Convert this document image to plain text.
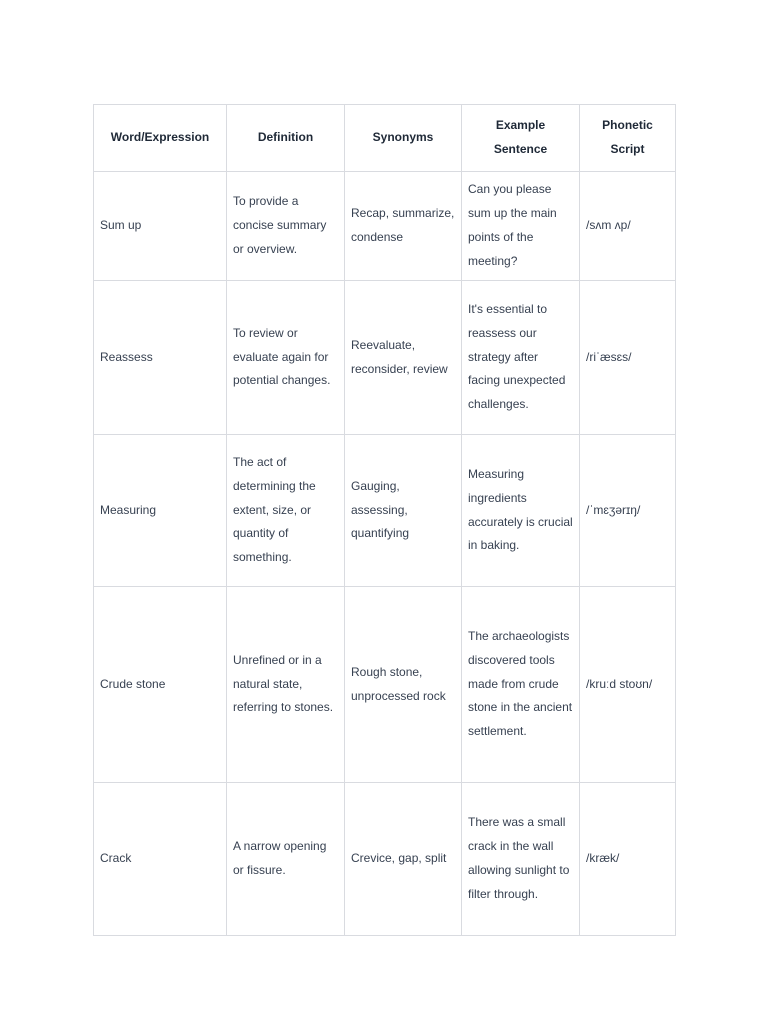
Word/Expression	Definition	Synonyms	Example Sentence	Phonetic Script
Sum up	To provide a concise summary or overview.	Recap, summarize, condense	Can you please sum up the main points of the meeting?	/sʌm ʌp/
Reassess	To review or evaluate again for potential changes.	Reevaluate, reconsider, review	It's essential to reassess our strategy after facing unexpected challenges.	/riˈæsɛs/
Measuring	The act of determining the extent, size, or quantity of something.	Gauging, assessing, quantifying	Measuring ingredients accurately is crucial in baking.	/ˈmɛʒərɪŋ/
Crude stone	Unrefined or in a natural state, referring to stones.	Rough stone, unprocessed rock	The archaeologists discovered tools made from crude stone in the ancient settlement.	/kruːd stoʊn/
Crack	A narrow opening or fissure.	Crevice, gap, split	There was a small crack in the wall allowing sunlight to filter through.	/kræk/
